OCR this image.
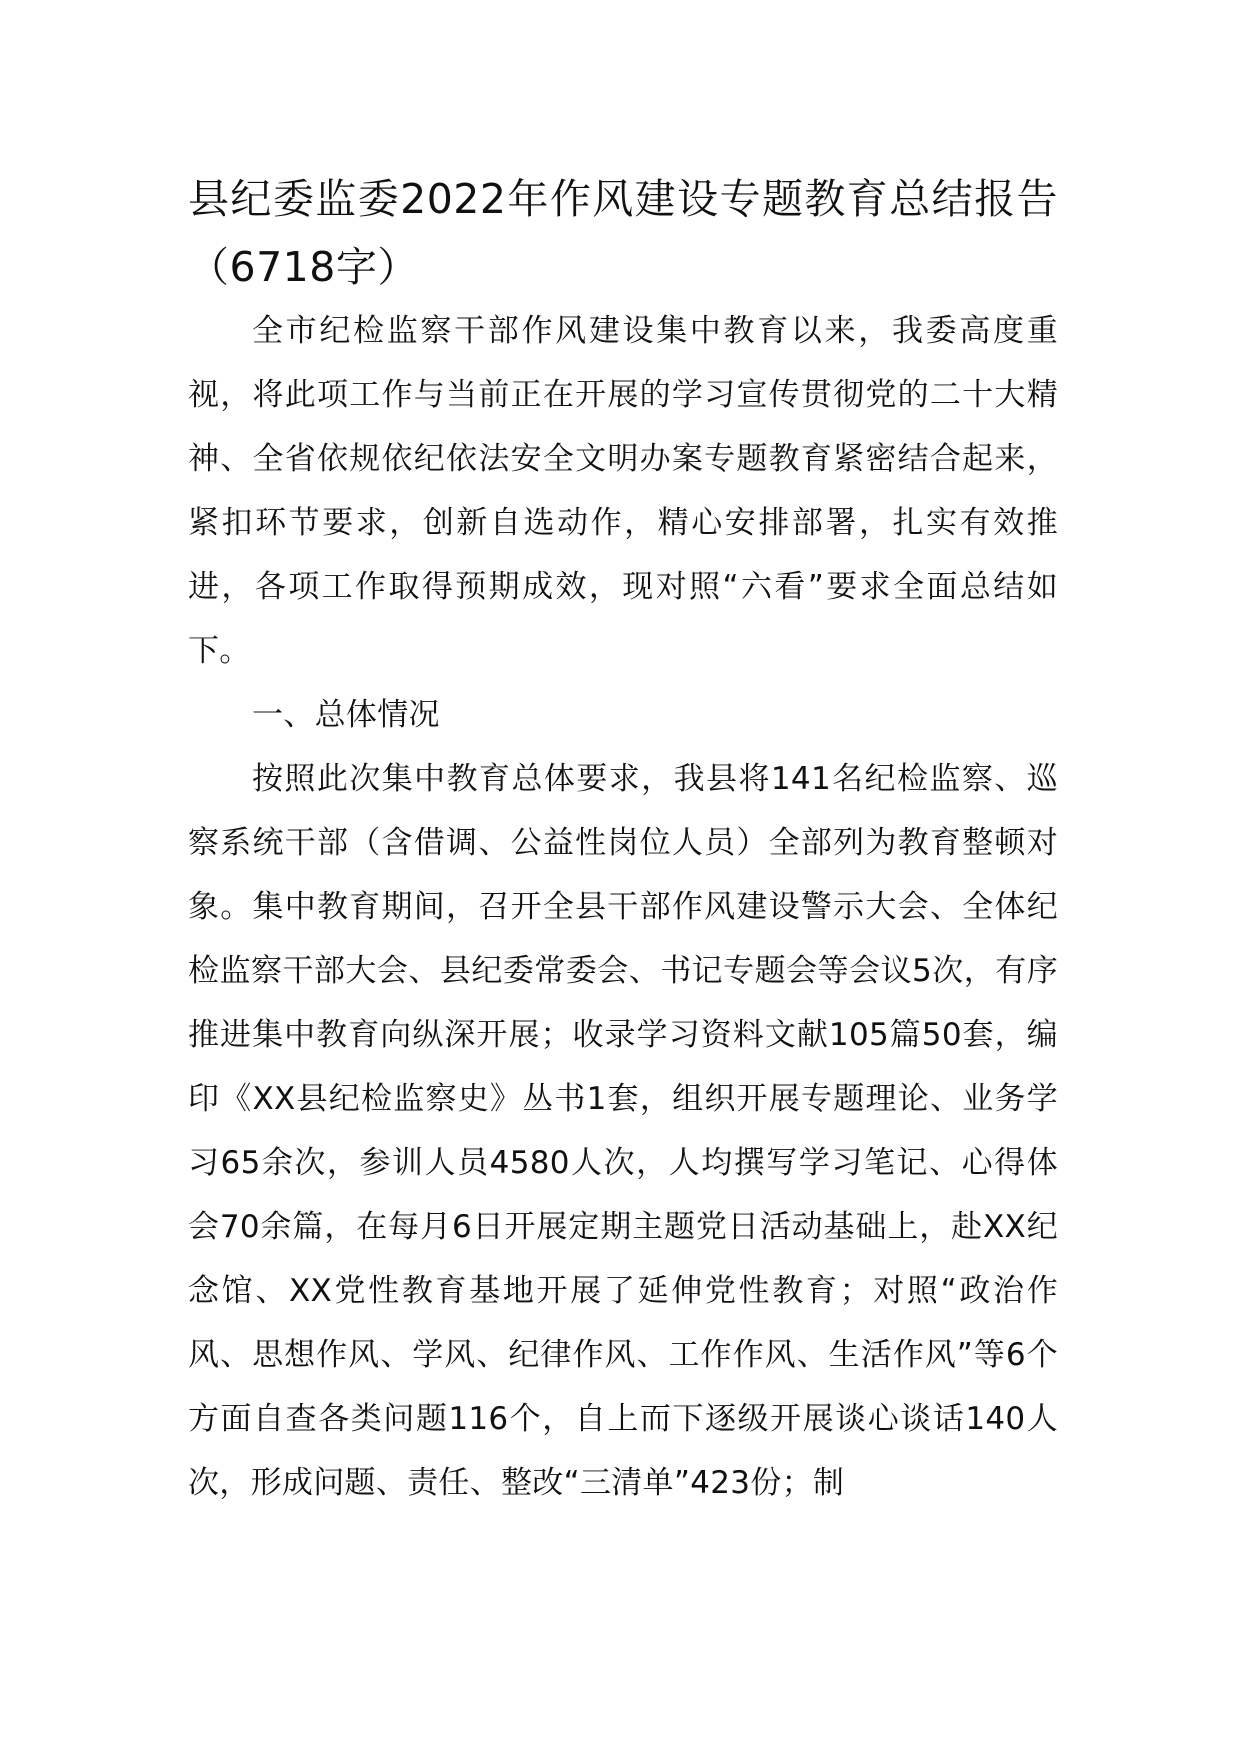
县纪委监委2022年作风建设专题教育总结报告（6718字）

全市纪检监察干部作风建设集中教育以来，我委高度重视，将此项工作与当前正在开展的学习宣传贯彻党的二十大精神、全省依规依纪依法安全文明办案专题教育紧密结合起来，紧扣环节要求，创新自选动作，精心安排部署，扎实有效推进，各项工作取得预期成效，现对照“六看”要求全面总结如下。

一、总体情况

按照此次集中教育总体要求，我县将141名纪检监察、巡察系统干部（含借调、公益性岗位人员）全部列为教育整顿对象。集中教育期间，召开全县干部作风建设警示大会、全体纪检监察干部大会、县纪委常委会、书记专题会等会议5次，有序推进集中教育向纵深开展；收录学习资料文献105篇50套，编印《XX县纪检监察史》丛书1套，组织开展专题理论、业务学习65余次，参训人员4580人次，人均撰写学习笔记、心得体会70余篇，在每月6日开展定期主题党日活动基础上，赴XX纪念馆、XX党性教育基地开展了延伸党性教育；对照“政治作风、思想作风、学风、纪律作风、工作作风、生活作风”等6个方面自查各类问题116个，自上而下逐级开展谈心谈话140人次，形成问题、责任、整改“三清单”423份；制
